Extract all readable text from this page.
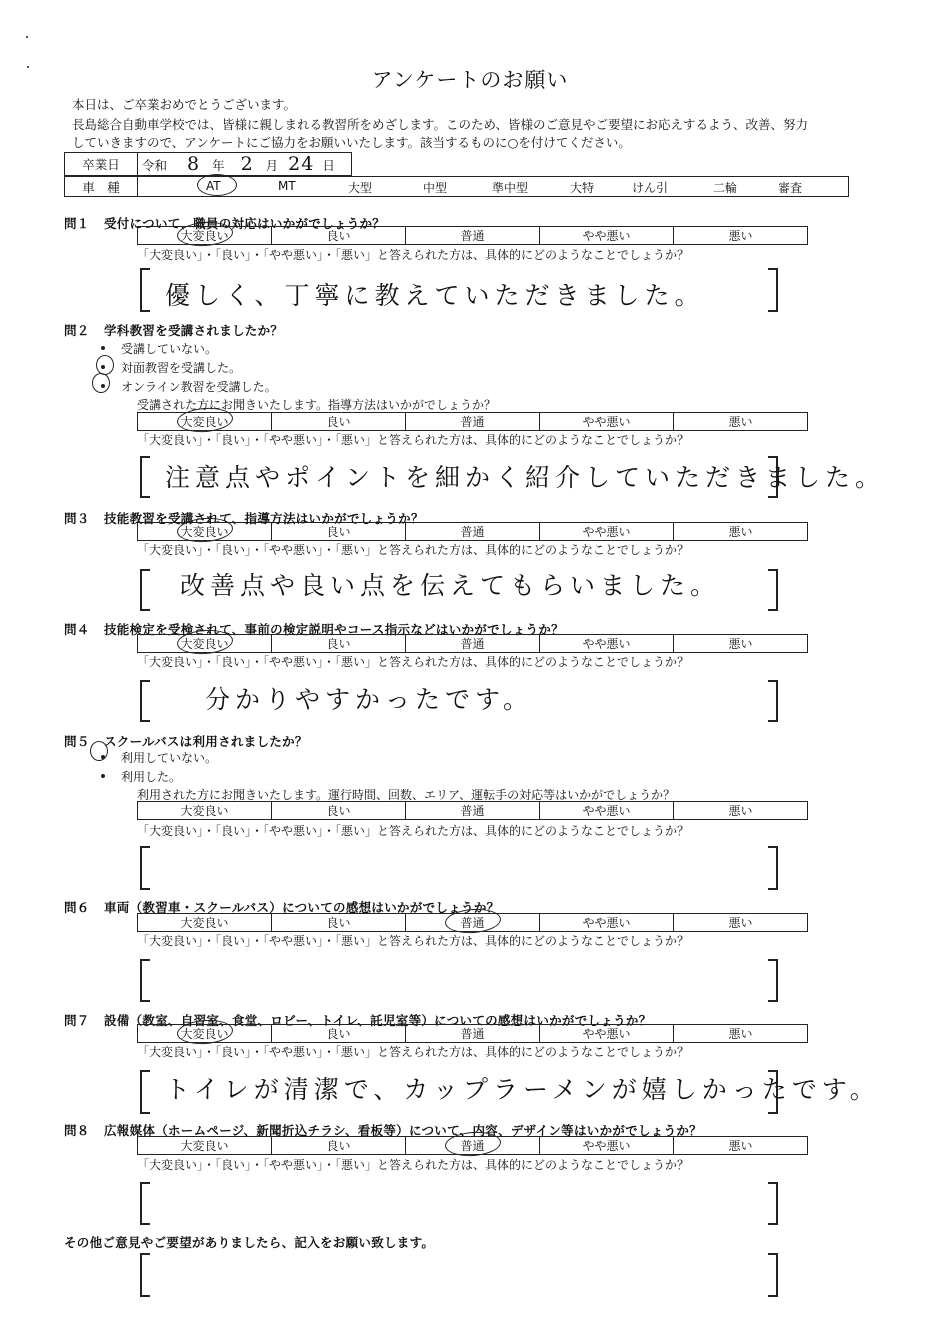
アンケートのお願い
本日は、ご卒業おめでとうございます。
長島総合自動車学校では、皆様に親しまれる教習所をめざします。このため、皆様のご意見やご要望にお応えするよう、改善、努力
していきますので、アンケートにご協力をお願いいたします。該当するものに○を付けてください。
卒業日	令和 8 年 2 月 24 日
車　種	AT	MT	大型	中型	準中型	大特	けん引	二輪	審査
問１ 受付について、職員の対応はいかがでしょうか？
大変良い	良い	普通	やや悪い	悪い
「大変良い」・「良い」・「やや悪い」・「悪い」と答えられた方は、具体的にどのようなことでしょうか？
優しく、丁寧に教えていただきました。
問２ 学科教習を受講されましたか？
受講していない。
対面教習を受講した。
オンライン教習を受講した。
受講された方にお聞きいたします。指導方法はいかがでしょうか？
大変良い	良い	普通	やや悪い	悪い
「大変良い」・「良い」・「やや悪い」・「悪い」と答えられた方は、具体的にどのようなことでしょうか？
注意点やポイントを細かく紹介していただきました。
問３ 技能教習を受講されて、指導方法はいかがでしょうか？
大変良い	良い	普通	やや悪い	悪い
「大変良い」・「良い」・「やや悪い」・「悪い」と答えられた方は、具体的にどのようなことでしょうか？
改善点や良い点を伝えてもらいました。
問４ 技能検定を受検されて、事前の検定説明やコース指示などはいかがでしょうか？
大変良い	良い	普通	やや悪い	悪い
「大変良い」・「良い」・「やや悪い」・「悪い」と答えられた方は、具体的にどのようなことでしょうか？
分かりやすかったです。
問５ スクールバスは利用されましたか？
利用していない。
利用した。
利用された方にお聞きいたします。運行時間、回数、エリア、運転手の対応等はいかがでしょうか？
大変良い	良い	普通	やや悪い	悪い
「大変良い」・「良い」・「やや悪い」・「悪い」と答えられた方は、具体的にどのようなことでしょうか？
問６ 車両（教習車・スクールバス）についての感想はいかがでしょうか？
大変良い	良い	普通	やや悪い	悪い
「大変良い」・「良い」・「やや悪い」・「悪い」と答えられた方は、具体的にどのようなことでしょうか？
問７ 設備（教室、自習室、食堂、ロビー、トイレ、託児室等）についての感想はいかがでしょうか？
大変良い	良い	普通	やや悪い	悪い
「大変良い」・「良い」・「やや悪い」・「悪い」と答えられた方は、具体的にどのようなことでしょうか？
トイレが清潔で、カップラーメンが嬉しかったです。
問８ 広報媒体（ホームページ、新聞折込チラシ、看板等）について、内容、デザイン等はいかがでしょうか？
大変良い	良い	普通	やや悪い	悪い
「大変良い」・「良い」・「やや悪い」・「悪い」と答えられた方は、具体的にどのようなことでしょうか？
その他ご意見やご要望がありましたら、記入をお願い致します。
